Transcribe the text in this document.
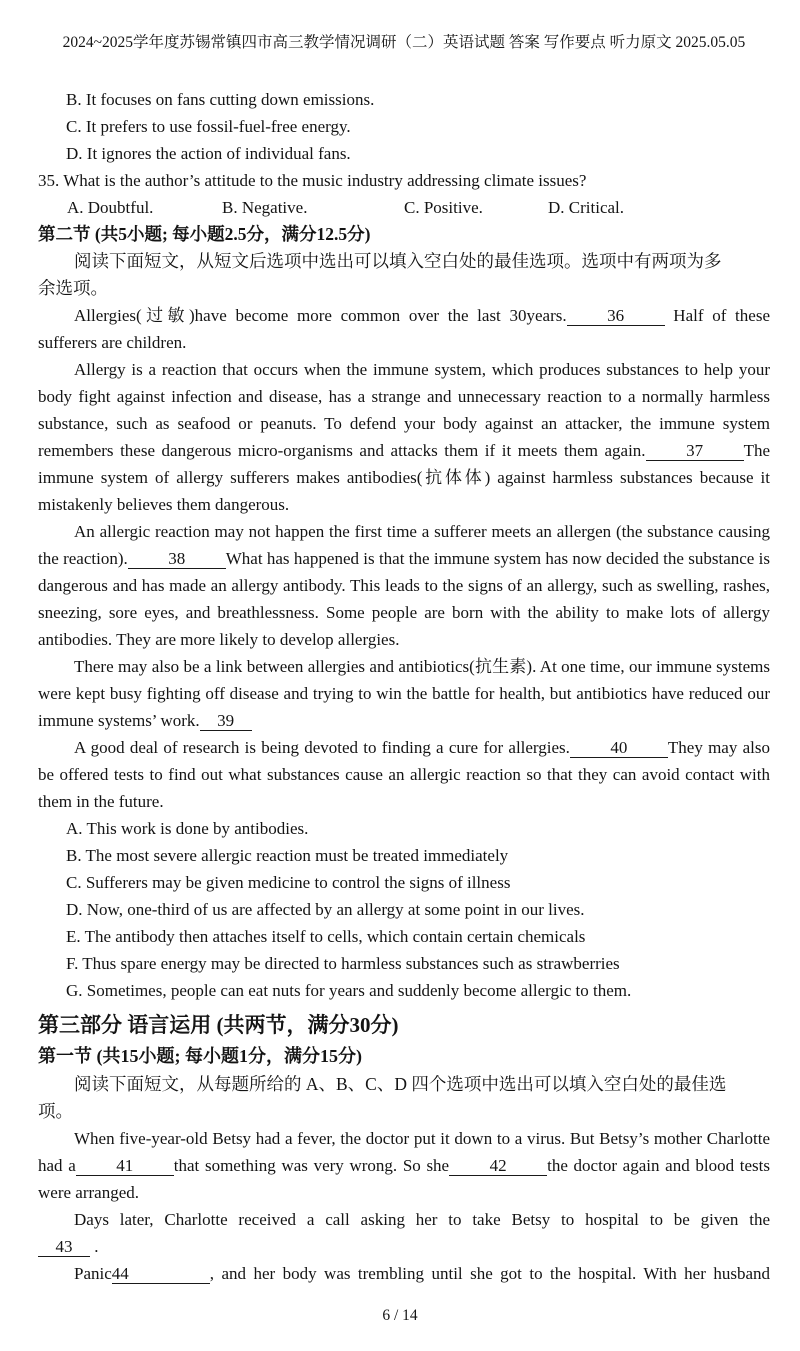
2024~2025学年度苏锡常镇四市高三教学情况调研（二）英语试题 答案 写作要点 听力原文 2025.05.05
B. It focuses on fans cutting down emissions.
C. It prefers to use fossil-fuel-free energy.
D. It ignores the action of individual fans.
35. What is the author’s attitude to the music industry addressing climate issues?
A. Doubtful.	B. Negative.	C. Positive.	D. Critical.
第二节 (共5小题; 每小题2.5分，满分12.5分)
阅读下面短文，从短文后选项中选出可以填入空白处的最佳选项。选项中有两项为多
余选项。
Allergies(过敏)have become more common over the last 30years. 36 Half of these sufferers are children.
Allergy is a reaction that occurs when the immune system, which produces substances to help your body fight against infection and disease, has a strange and unnecessary reaction to a normally harmless substance, such as seafood or peanuts. To defend your body against an attacker, the immune system remembers these dangerous micro-organisms and attacks them if it meets them again. 37 The immune system of allergy sufferers makes antibodies(抗体体) against harmless substances because it mistakenly believes them dangerous.
An allergic reaction may not happen the first time a sufferer meets an allergen (the substance causing the reaction). 38 What has happened is that the immune system has now decided the substance is dangerous and has made an allergy antibody. This leads to the signs of an allergy, such as swelling, rashes, sneezing, sore eyes, and breathlessness. Some people are born with the ability to make lots of allergy antibodies. They are more likely to develop allergies.
There may also be a link between allergies and antibiotics(抗生素). At one time, our immune systems were kept busy fighting off disease and trying to win the battle for health, but antibiotics have reduced our immune systems’ work. 39
A good deal of research is being devoted to finding a cure for allergies. 40 They may also be offered tests to find out what substances cause an allergic reaction so that they can avoid contact with them in the future.
A. This work is done by antibodies.
B. The most severe allergic reaction must be treated immediately
C. Sufferers may be given medicine to control the signs of illness
D. Now, one-third of us are affected by an allergy at some point in our lives.
E. The antibody then attaches itself to cells, which contain certain chemicals
F. Thus spare energy may be directed to harmless substances such as strawberries
G. Sometimes, people can eat nuts for years and suddenly become allergic to them.
第三部分 语言运用 (共两节，满分30分)
第一节 (共15小题; 每小题1分，满分15分)
阅读下面短文，从每题所给的 A、B、C、D 四个选项中选出可以填入空白处的最佳选
项。
When five-year-old Betsy had a fever, the doctor put it down to a virus. But Betsy’s mother Charlotte had a 41 that something was very wrong. So she 42 the doctor again and blood tests were arranged.
Days later, Charlotte received a call asking her to take Betsy to hospital to be given the
43 .
Panic44	, and her body was trembling until she got to the hospital. With her husband
6 / 14
